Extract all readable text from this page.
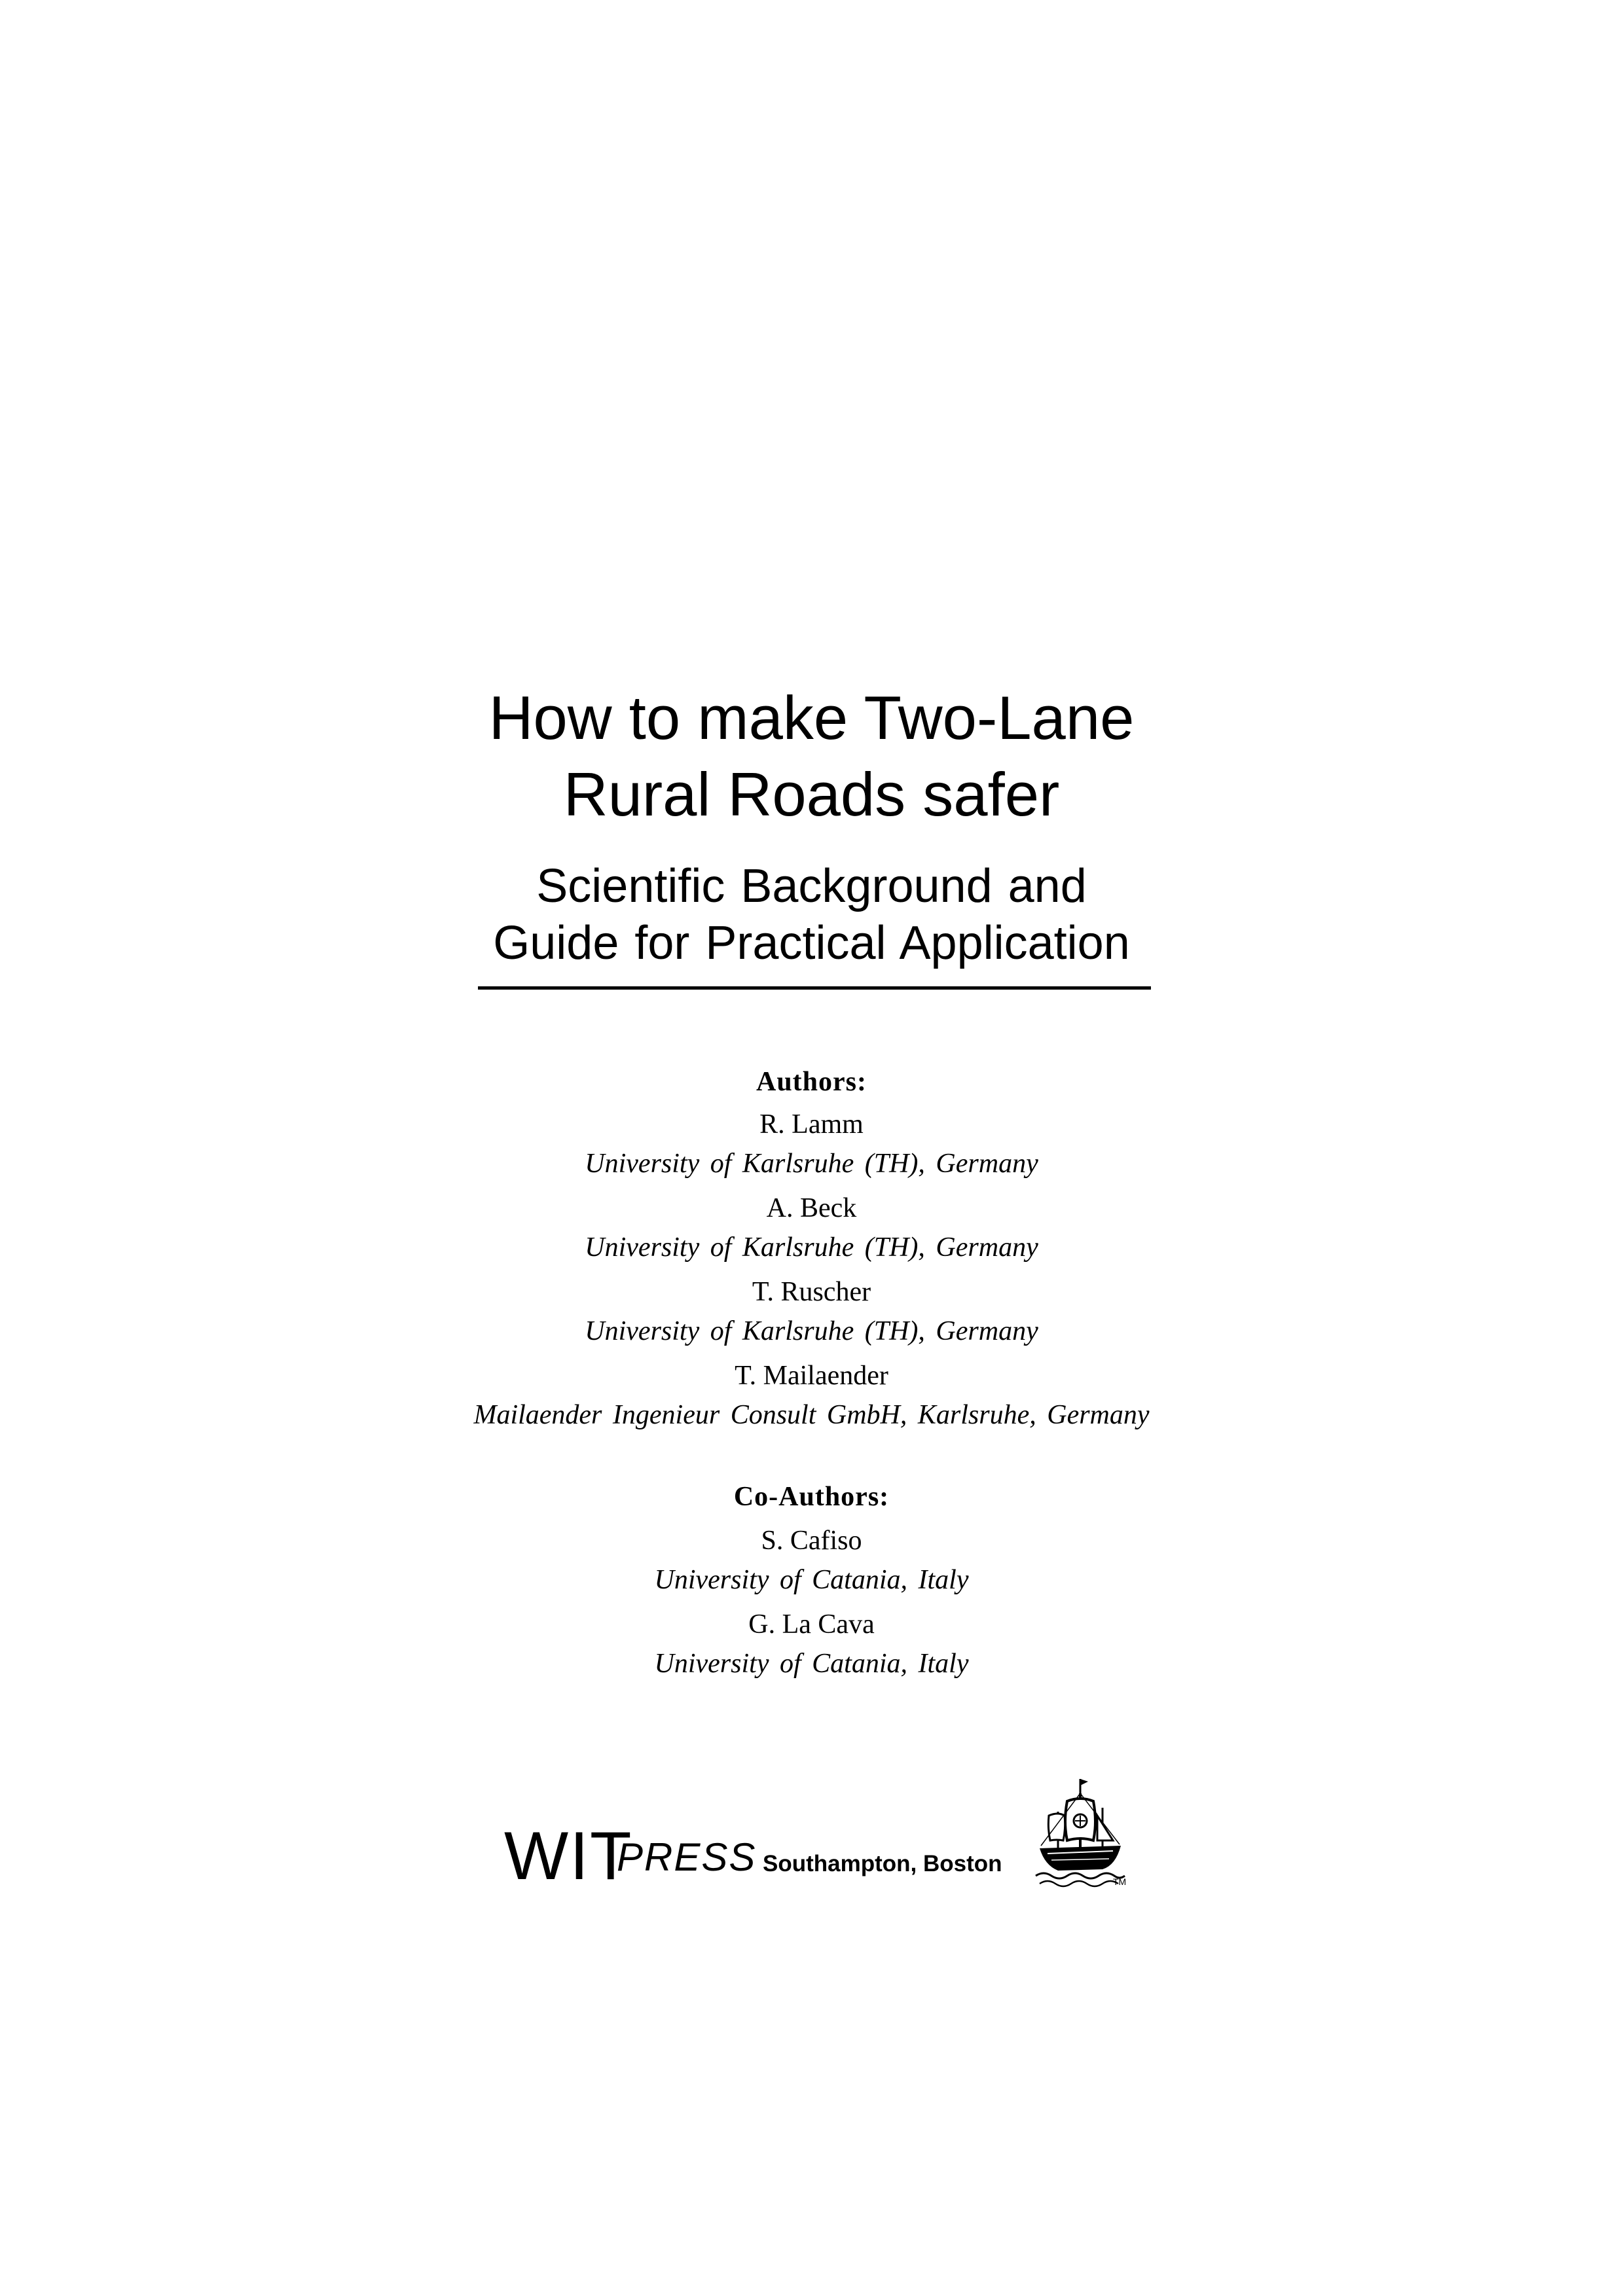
How to make Two-Lane
Rural Roads safer
Scientific Background and
Guide for Practical Application
Authors:
R. Lamm
University of Karlsruhe (TH), Germany
A. Beck
University of Karlsruhe (TH), Germany
T. Ruscher
University of Karlsruhe (TH), Germany
T. Mailaender
Mailaender Ingenieur Consult GmbH, Karlsruhe, Germany
Co-Authors:
S. Cafiso
University of Catania, Italy
G. La Cava
University of Catania, Italy
WIT
PRESS Southampton, Boston
TM
